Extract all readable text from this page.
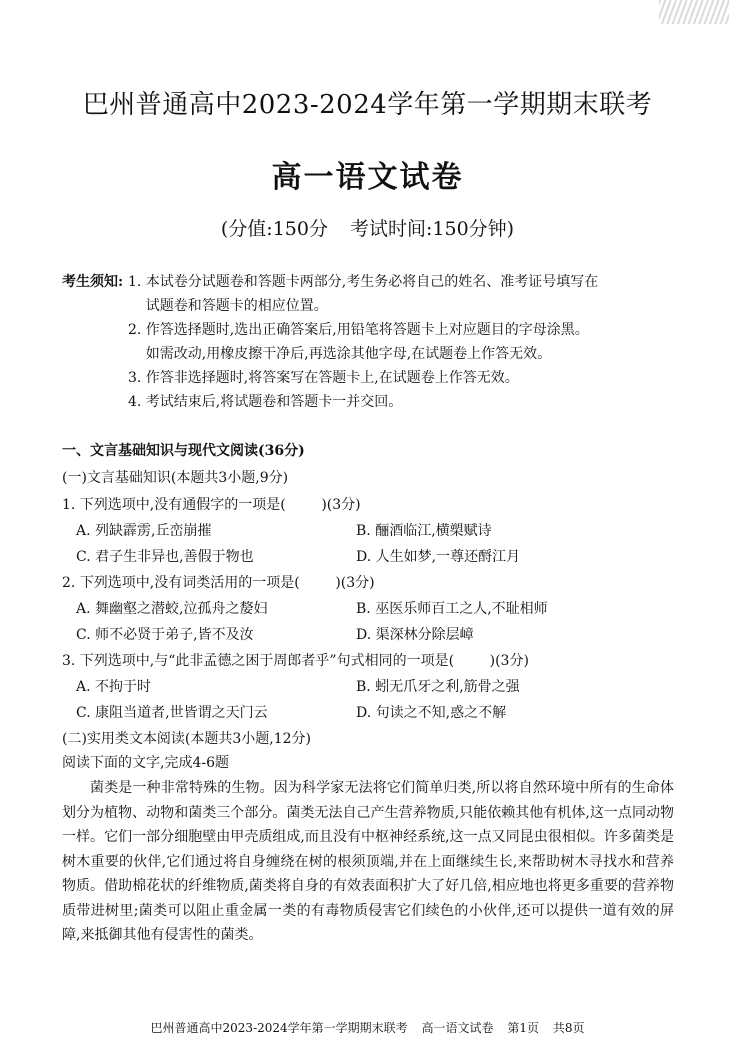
巴州普通高中2023-2024学年第一学期期末联考
高一语文试卷
(分值:150分 考试时间:150分钟)
考生须知: 1. 本试卷分试题卷和答题卡两部分,考生务必将自己的姓名、准考证号填写在
试题卷和答题卡的相应位置。
2. 作答选择题时,选出正确答案后,用铅笔将答题卡上对应题目的字母涂黑。
如需改动,用橡皮擦干净后,再选涂其他字母,在试题卷上作答无效。
3. 作答非选择题时,将答案写在答题卡上,在试题卷上作答无效。
4. 考试结束后,将试题卷和答题卡一并交回。
一、文言基础知识与现代文阅读(36分)
(一)文言基础知识(本题共3小题,9分)
1. 下列选项中,没有通假字的一项是(        )(3分)
A. 列缺霹雳,丘峦崩摧	B. 酾酒临江,横槊赋诗
C. 君子生非异也,善假于物也	D. 人生如梦,一尊还酹江月
2. 下列选项中,没有词类活用的一项是(        )(3分)
A. 舞幽壑之潜蛟,泣孤舟之嫠妇	B. 巫医乐师百工之人,不耻相师
C. 师不必贤于弟子,皆不及汝	D. 渠深林分除层嶂
3. 下列选项中,与“此非孟德之困于周郎者乎”句式相同的一项是(        )(3分)
A. 不拘于时	B. 蚓无爪牙之利,筋骨之强
C. 康阻当道者,世皆谓之天门云	D. 句读之不知,惑之不解
(二)实用类文本阅读(本题共3小题,12分)
阅读下面的文字,完成4-6题
菌类是一种非常特殊的生物。因为科学家无法将它们简单归类,所以将自然环境中所有的生命体划分为植物、动物和菌类三个部分。菌类无法自己产生营养物质,只能依赖其他有机体,这一点同动物一样。它们一部分细胞壁由甲壳质组成,而且没有中枢神经系统,这一点又同昆虫很相似。许多菌类是树木重要的伙伴,它们通过将自身缠绕在树的根须顶端,并在上面继续生长,来帮助树木寻找水和营养物质。借助棉花状的纤维物质,菌类将自身的有效表面积扩大了好几倍,相应地也将更多重要的营养物质带进树里;菌类可以阻止重金属一类的有毒物质侵害它们续色的小伙伴,还可以提供一道有效的屏障,来抵御其他有侵害性的菌类。
巴州普通高中2023-2024学年第一学期期末联考 高一语文试卷 第1页 共8页
